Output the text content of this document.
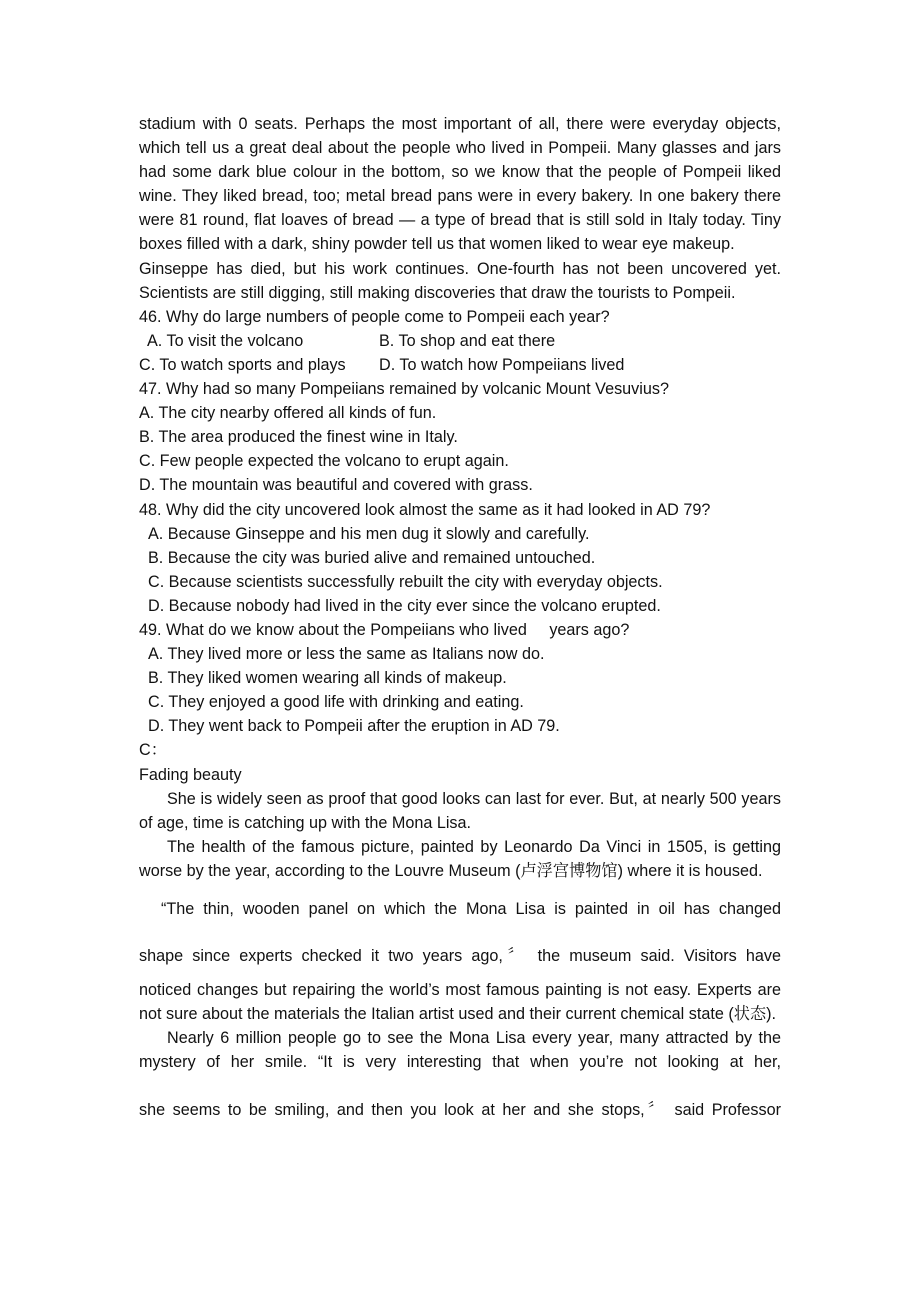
stadium with 0 seats. Perhaps the most important of all, there were everyday objects, which tell us a great deal about the people who lived in Pompeii. Many glasses and jars had some dark blue colour in the bottom, so we know that the people of Pompeii liked wine. They liked bread, too; metal bread pans were in every bakery. In one bakery there were 81 round, flat loaves of bread — a type of bread that is still sold in Italy today. Tiny boxes filled with a dark, shiny powder tell us that women liked to wear eye makeup.
Ginseppe has died, but his work continues. One-fourth has not been uncovered yet. Scientists are still digging, still making discoveries that draw the tourists to Pompeii.
46. Why do large numbers of people come to Pompeii each year?
A. To visit the volcano	B. To shop and eat there
C. To watch sports and plays	D. To watch how Pompeiians lived
47. Why had so many Pompeiians remained by volcanic Mount Vesuvius?
A. The city nearby offered all kinds of fun.
B. The area produced the finest wine in Italy.
C. Few people expected the volcano to erupt again.
D. The mountain was beautiful and covered with grass.
48. Why did the city uncovered look almost the same as it had looked in AD 79?
A. Because Ginseppe and his men dug it slowly and carefully.
B. Because the city was buried alive and remained untouched.
C. Because scientists successfully rebuilt the city with everyday objects.
D. Because nobody had lived in the city ever since the volcano erupted.
49. What do we know about the Pompeiians who lived     years ago?
A. They lived more or less the same as Italians now do.
B. They liked women wearing all kinds of makeup.
C. They enjoyed a good life with drinking and eating.
D. They went back to Pompeii after the eruption in AD 79.
C：
Fading beauty
She is widely seen as proof that good looks can last for ever. But, at nearly 500 years of age, time is catching up with the Mona Lisa.
The health of the famous picture, painted by Leonardo Da Vinci in 1505, is getting worse by the year, according to the Louvre Museum (卢浮宫博物馆) where it is housed.
“The thin, wooden panel on which the Mona Lisa is painted in oil has changed
shape since experts checked it two years ago,〞 the museum said. Visitors have
noticed changes but repairing the world’s most famous painting is not easy. Experts are not sure about the materials the Italian artist used and their current chemical state (状态).
Nearly 6 million people go to see the Mona Lisa every year, many attracted by the mystery of her smile. “It is very interesting that when you’re not looking at her,
she seems to be smiling, and then you look at her and she stops,〞 said Professor
